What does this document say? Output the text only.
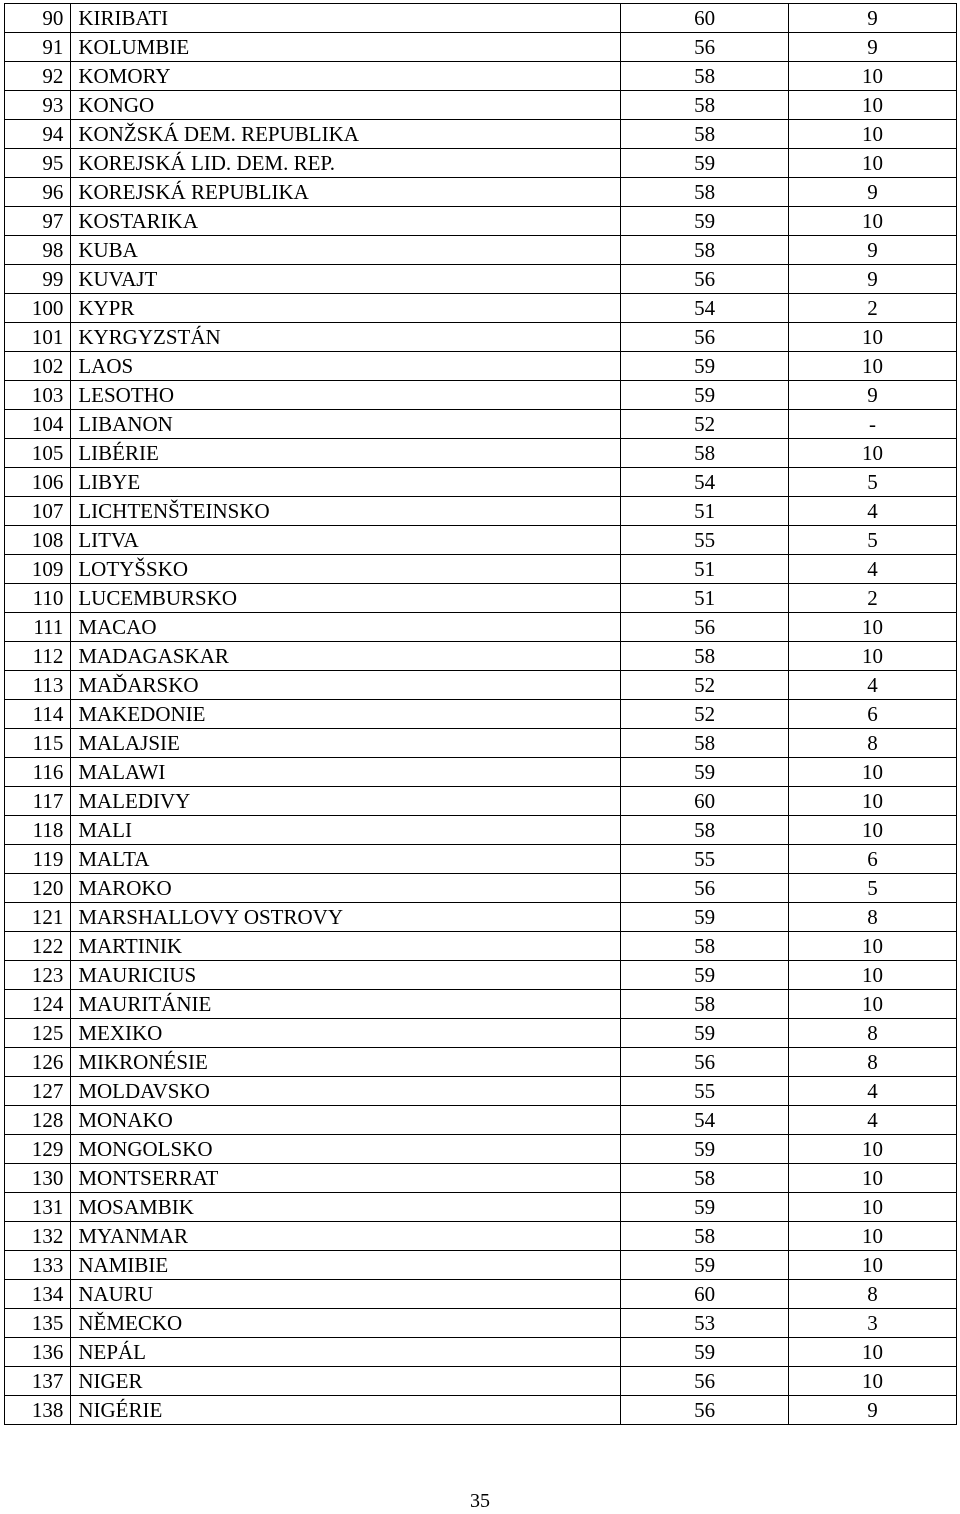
90	KIRIBATI	60	9
91	KOLUMBIE	56	9
92	KOMORY	58	10
93	KONGO	58	10
94	KONŽSKÁ DEM. REPUBLIKA	58	10
95	KOREJSKÁ LID. DEM. REP.	59	10
96	KOREJSKÁ REPUBLIKA	58	9
97	KOSTARIKA	59	10
98	KUBA	58	9
99	KUVAJT	56	9
100	KYPR	54	2
101	KYRGYZSTÁN	56	10
102	LAOS	59	10
103	LESOTHO	59	9
104	LIBANON	52	-
105	LIBÉRIE	58	10
106	LIBYE	54	5
107	LICHTENŠTEINSKO	51	4
108	LITVA	55	5
109	LOTYŠSKO	51	4
110	LUCEMBURSKO	51	2
111	MACAO	56	10
112	MADAGASKAR	58	10
113	MAĎARSKO	52	4
114	MAKEDONIE	52	6
115	MALAJSIE	58	8
116	MALAWI	59	10
117	MALEDIVY	60	10
118	MALI	58	10
119	MALTA	55	6
120	MAROKO	56	5
121	MARSHALLOVY OSTROVY	59	8
122	MARTINIK	58	10
123	MAURICIUS	59	10
124	MAURITÁNIE	58	10
125	MEXIKO	59	8
126	MIKRONÉSIE	56	8
127	MOLDAVSKO	55	4
128	MONAKO	54	4
129	MONGOLSKO	59	10
130	MONTSERRAT	58	10
131	MOSAMBIK	59	10
132	MYANMAR	58	10
133	NAMIBIE	59	10
134	NAURU	60	8
135	NĚMECKO	53	3
136	NEPÁL	59	10
137	NIGER	56	10
138	NIGÉRIE	56	9
35
